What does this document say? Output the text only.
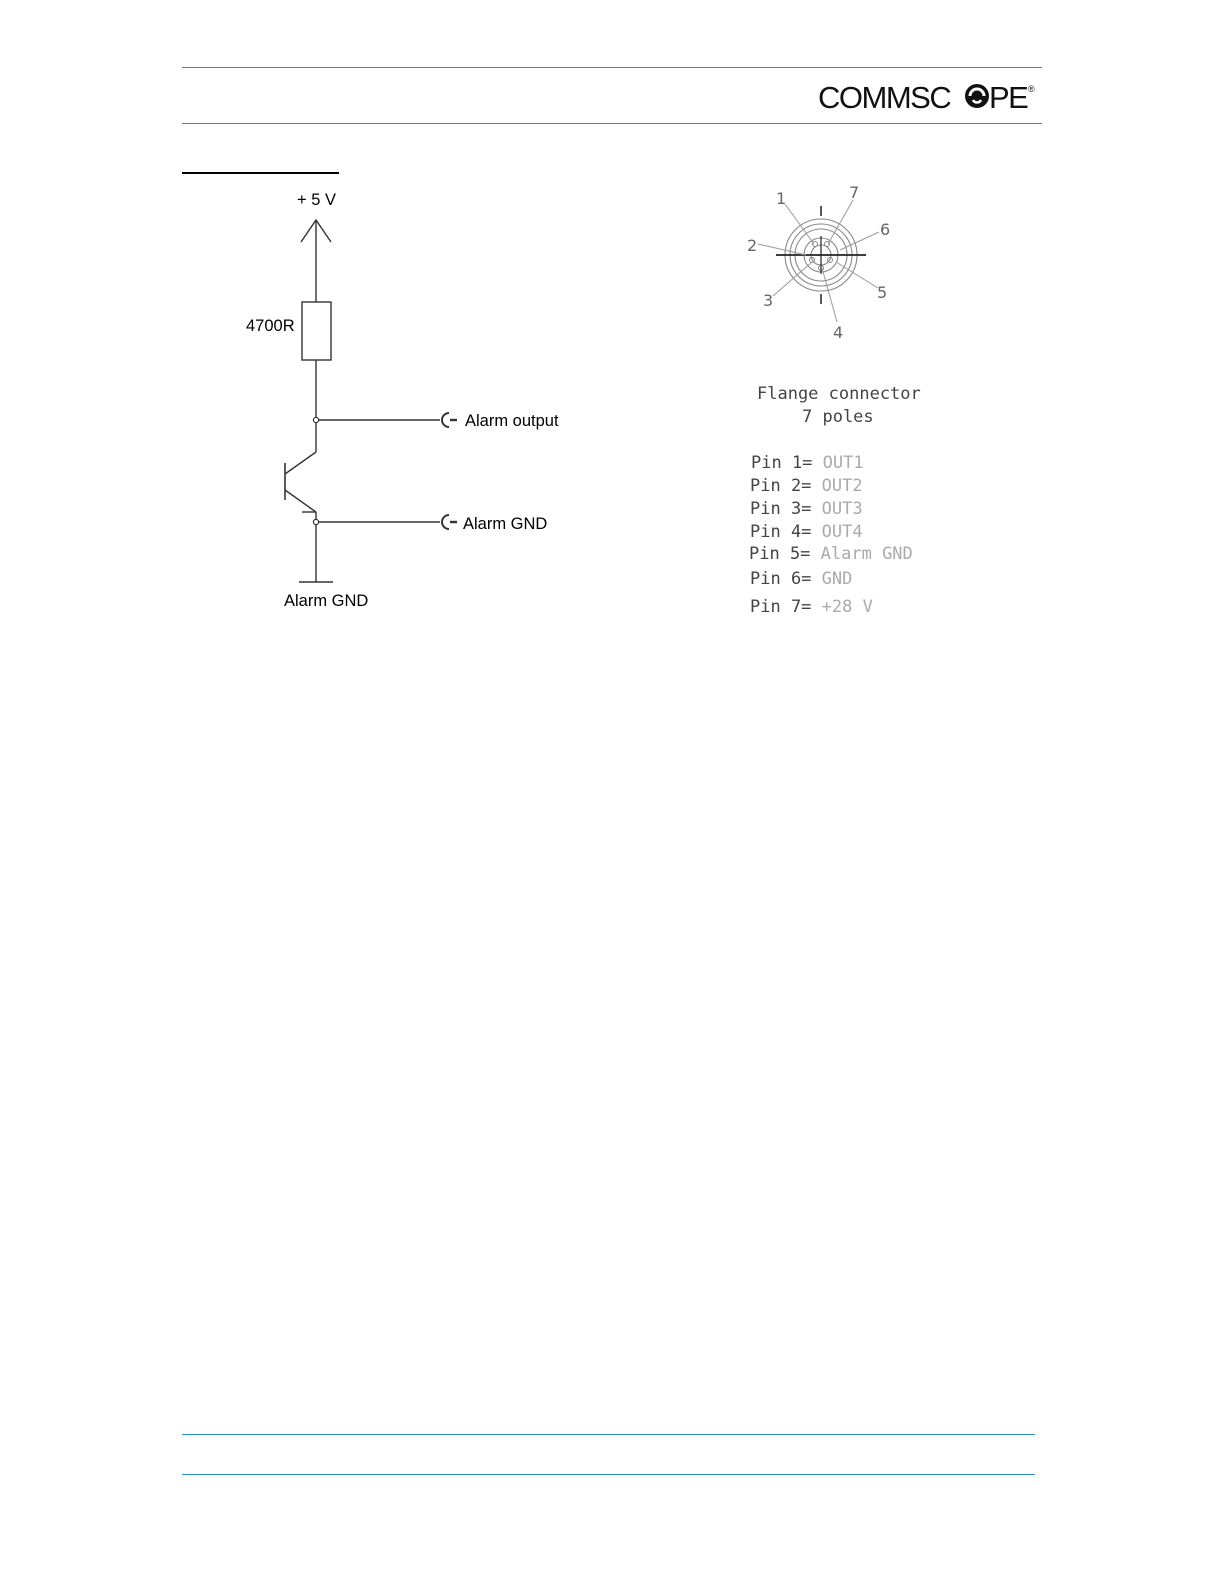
COMMSC PE ®
+ 5 V
4700R
Alarm output
Alarm GND
Alarm GND
1	7
6
2
5
3
4
Flange connector
7 poles
Pin 1= OUT1
Pin 2= OUT2
Pin 3= OUT3
Pin 4= OUT4
Pin 5= Alarm GND
Pin 6= GND
Pin 7= +28 V
